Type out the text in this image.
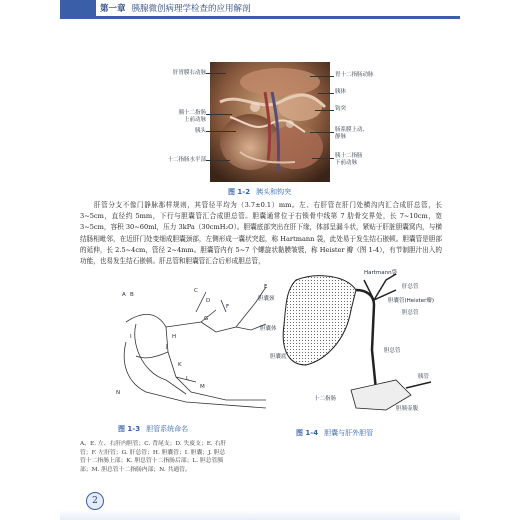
第一章 胰腺微创病理学检查的应用解剖
肝胃膜右动脉
胰十二指肠
上前动脉
胰头
十二指肠水平部
胃十二指肠动脉
胰体
钩突
肠系膜上动、
静脉
胰十二指肠
下前动脉
图 1-2 胰头和钩突

肝管分支不像门静脉那样规则，其管径平均为（3.7±0.1）mm。左、右肝管在肝门处横沟内汇合成肝总管，长 3~5cm，直径约 5mm，下行与胆囊管汇合成胆总管。胆囊通常位于右锁骨中线第 7 肋骨交界处，长 7~10cm，宽 3~5cm，容积 30~60ml，压力 3kPa（30cmH₂O）。胆囊底部突出在肝下缘，体部呈漏斗状，紧贴于肝脏胆囊窝内，与横结肠相毗邻，在近肝门处变细成胆囊颈部，左侧形成一囊状突起，称 Hartmann 袋，此处易于发生结石嵌顿。胆囊管是胆部的延伸，长 2.5~4cm，管径 2~4mm。胆囊管内有 5~7 个螺旋状黏膜皱襞，称 Heister 瓣（图 1-4），有节制胆汁出入的功能，也易发生结石嵌顿。肝总管和胆囊管汇合后形成胆总管，

A B
C
D
E
F
G
H
I
J
K
L
M
N
图 1-3 胆管系统命名
A、E. 左、右肝内胆管；C. 背尾支；D. 失废支；E. 右肝管；F. 左肝管；G. 肝总管；H. 胆囊管；I. 胆囊；J. 胆总管十二指肠上部；K. 胆总管十二指肠后部；L. 胆总管胰部；M. 胆总管十二指肠内部；N. 共通管。
Hartmann袋
肝总管
胆囊管(Heister瓣)
胆总管
胆囊颈
胆囊体
胆囊底
胆总管
十二指肠
胰管
胆胰壶腹
图 1-4 胆囊与肝外胆管
2
